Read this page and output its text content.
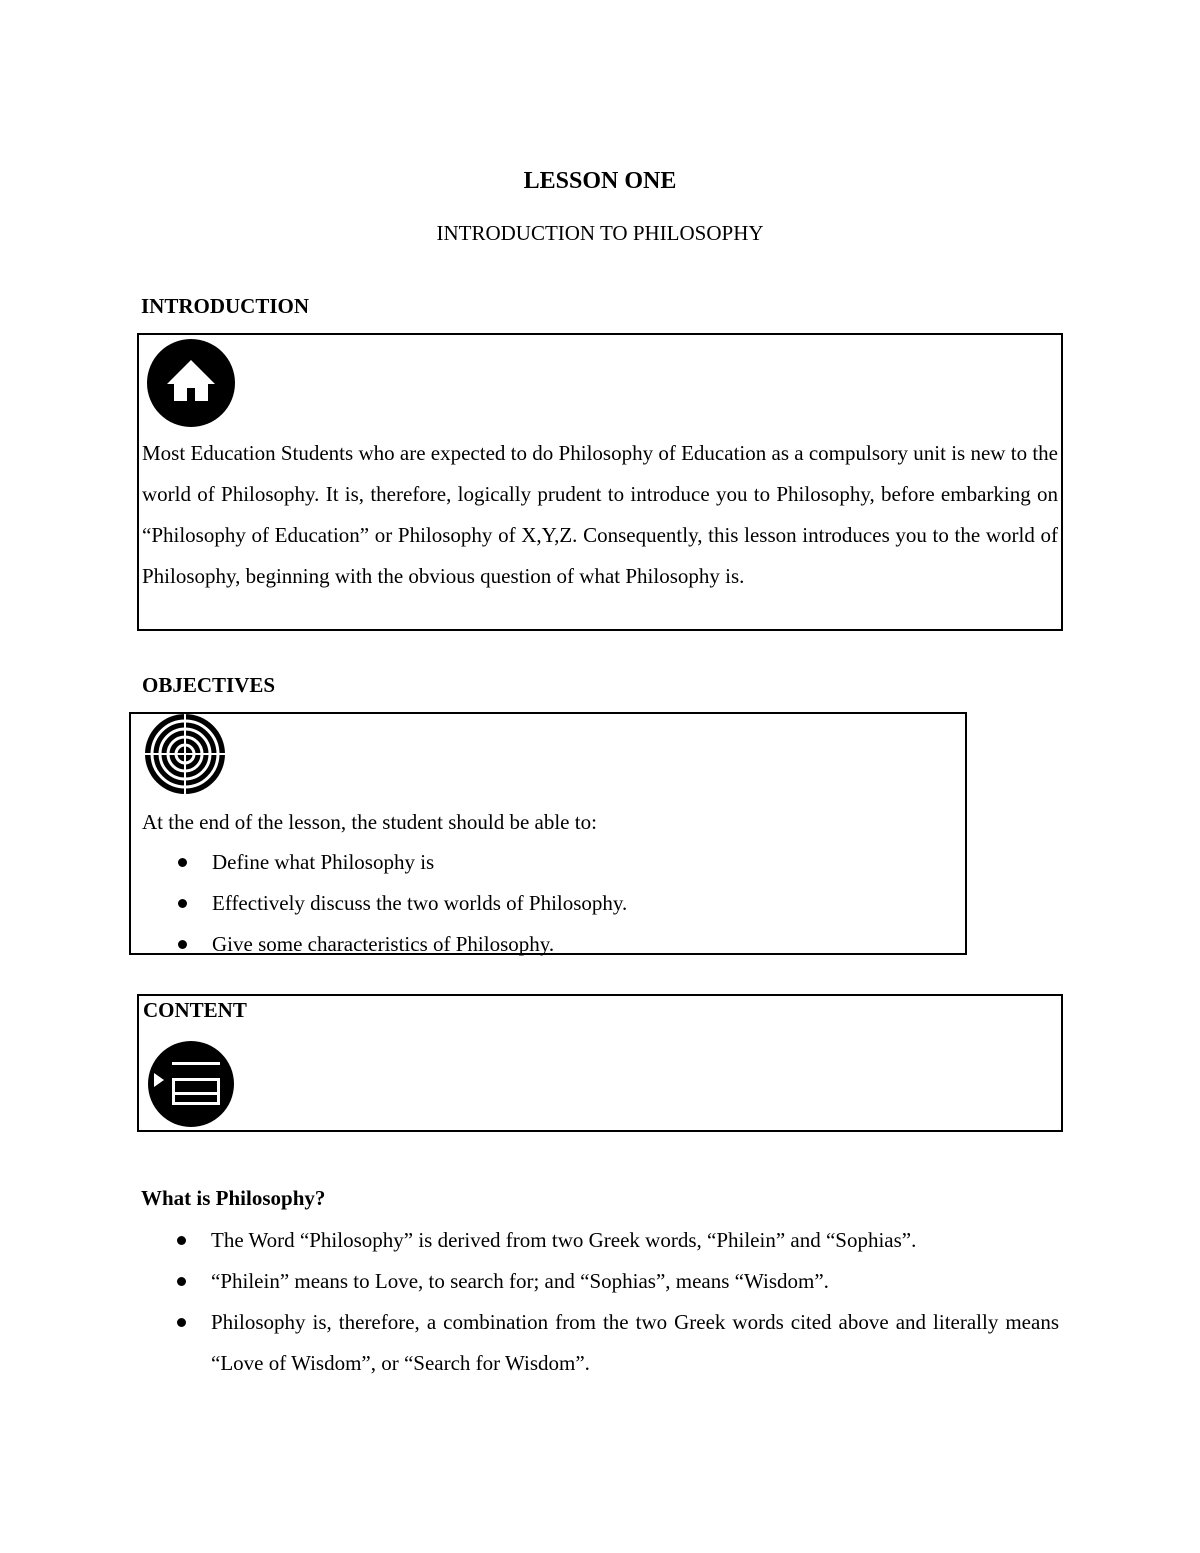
LESSON ONE
INTRODUCTION TO PHILOSOPHY
INTRODUCTION

Most Education Students who are expected to do Philosophy of Education as a compulsory unit is new to the world of Philosophy. It is, therefore, logically prudent to introduce you to Philosophy, before embarking on “Philosophy of Education” or Philosophy of X,Y,Z. Consequently, this lesson introduces you to the world of Philosophy, beginning with the obvious question of what Philosophy is.

OBJECTIVES
At the end of the lesson, the student should be able to:
Define what Philosophy is
Effectively discuss the two worlds of Philosophy.
Give some characteristics of Philosophy.
CONTENT
What is Philosophy?
The Word “Philosophy” is derived from two Greek words, “Philein” and “Sophias”.
“Philein” means to Love, to search for; and “Sophias”, means “Wisdom”.
Philosophy is, therefore, a combination from the two Greek words cited above and literally means “Love of Wisdom”, or “Search for Wisdom”.
